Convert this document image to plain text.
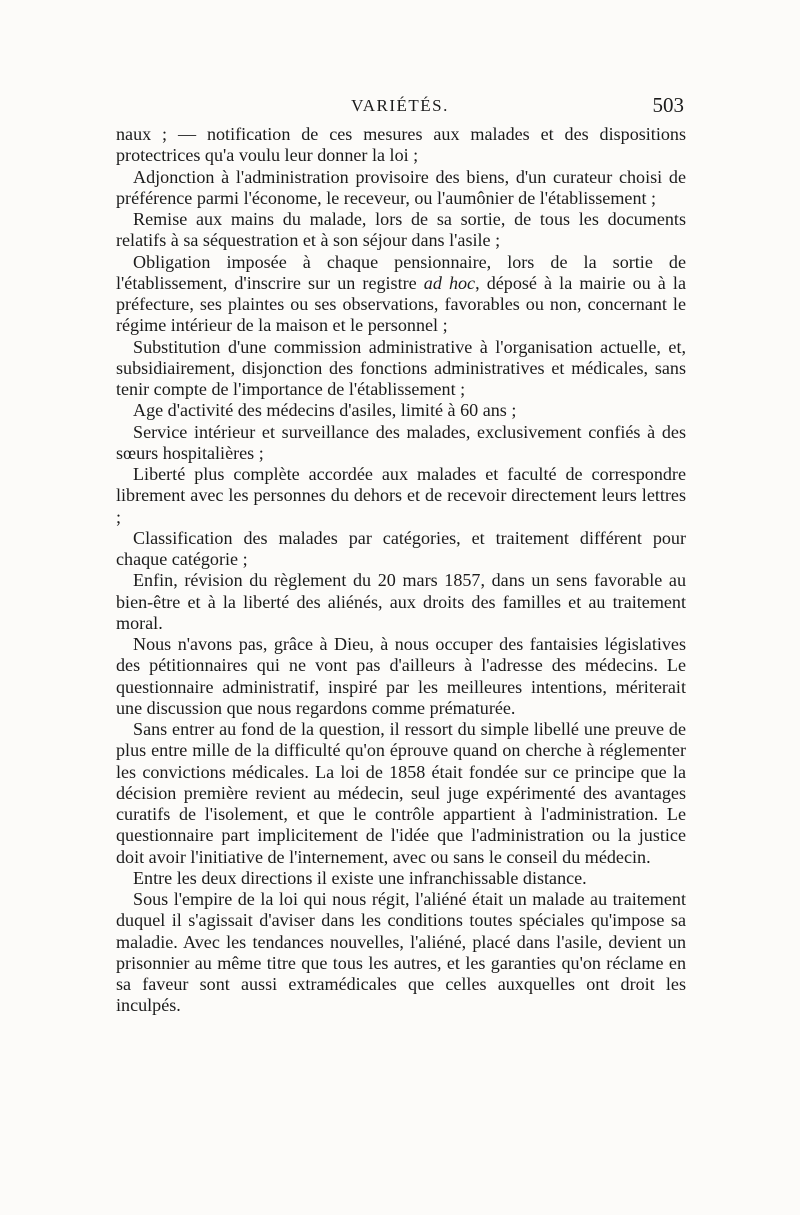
VARIÉTÉS.	503

naux ; — notification de ces mesures aux malades et des dispositions protectrices qu'a voulu leur donner la loi ;

Adjonction à l'administration provisoire des biens, d'un curateur choisi de préférence parmi l'économe, le receveur, ou l'aumônier de l'établissement ;

Remise aux mains du malade, lors de sa sortie, de tous les documents relatifs à sa séquestration et à son séjour dans l'asile ;

Obligation imposée à chaque pensionnaire, lors de la sortie de l'établissement, d'inscrire sur un registre ad hoc, déposé à la mairie ou à la préfecture, ses plaintes ou ses observations, favorables ou non, concernant le régime intérieur de la maison et le personnel ;

Substitution d'une commission administrative à l'organisation actuelle, et, subsidiairement, disjonction des fonctions administratives et médicales, sans tenir compte de l'importance de l'établissement ;

Age d'activité des médecins d'asiles, limité à 60 ans ;

Service intérieur et surveillance des malades, exclusivement confiés à des sœurs hospitalières ;

Liberté plus complète accordée aux malades et faculté de correspondre librement avec les personnes du dehors et de recevoir directement leurs lettres ;

Classification des malades par catégories, et traitement différent pour chaque catégorie ;

Enfin, révision du règlement du 20 mars 1857, dans un sens favorable au bien-être et à la liberté des aliénés, aux droits des familles et au traitement moral.

Nous n'avons pas, grâce à Dieu, à nous occuper des fantaisies législatives des pétitionnaires qui ne vont pas d'ailleurs à l'adresse des médecins. Le questionnaire administratif, inspiré par les meilleures intentions, mériterait une discussion que nous regardons comme prématurée.

Sans entrer au fond de la question, il ressort du simple libellé une preuve de plus entre mille de la difficulté qu'on éprouve quand on cherche à réglementer les convictions médicales. La loi de 1858 était fondée sur ce principe que la décision première revient au médecin, seul juge expérimenté des avantages curatifs de l'isolement, et que le contrôle appartient à l'administration. Le questionnaire part implicitement de l'idée que l'administration ou la justice doit avoir l'initiative de l'internement, avec ou sans le conseil du médecin.

Entre les deux directions il existe une infranchissable distance.

Sous l'empire de la loi qui nous régit, l'aliéné était un malade au traitement duquel il s'agissait d'aviser dans les conditions toutes spéciales qu'impose sa maladie. Avec les tendances nouvelles, l'aliéné, placé dans l'asile, devient un prisonnier au même titre que tous les autres, et les garanties qu'on réclame en sa faveur sont aussi extramédicales que celles auxquelles ont droit les inculpés.
